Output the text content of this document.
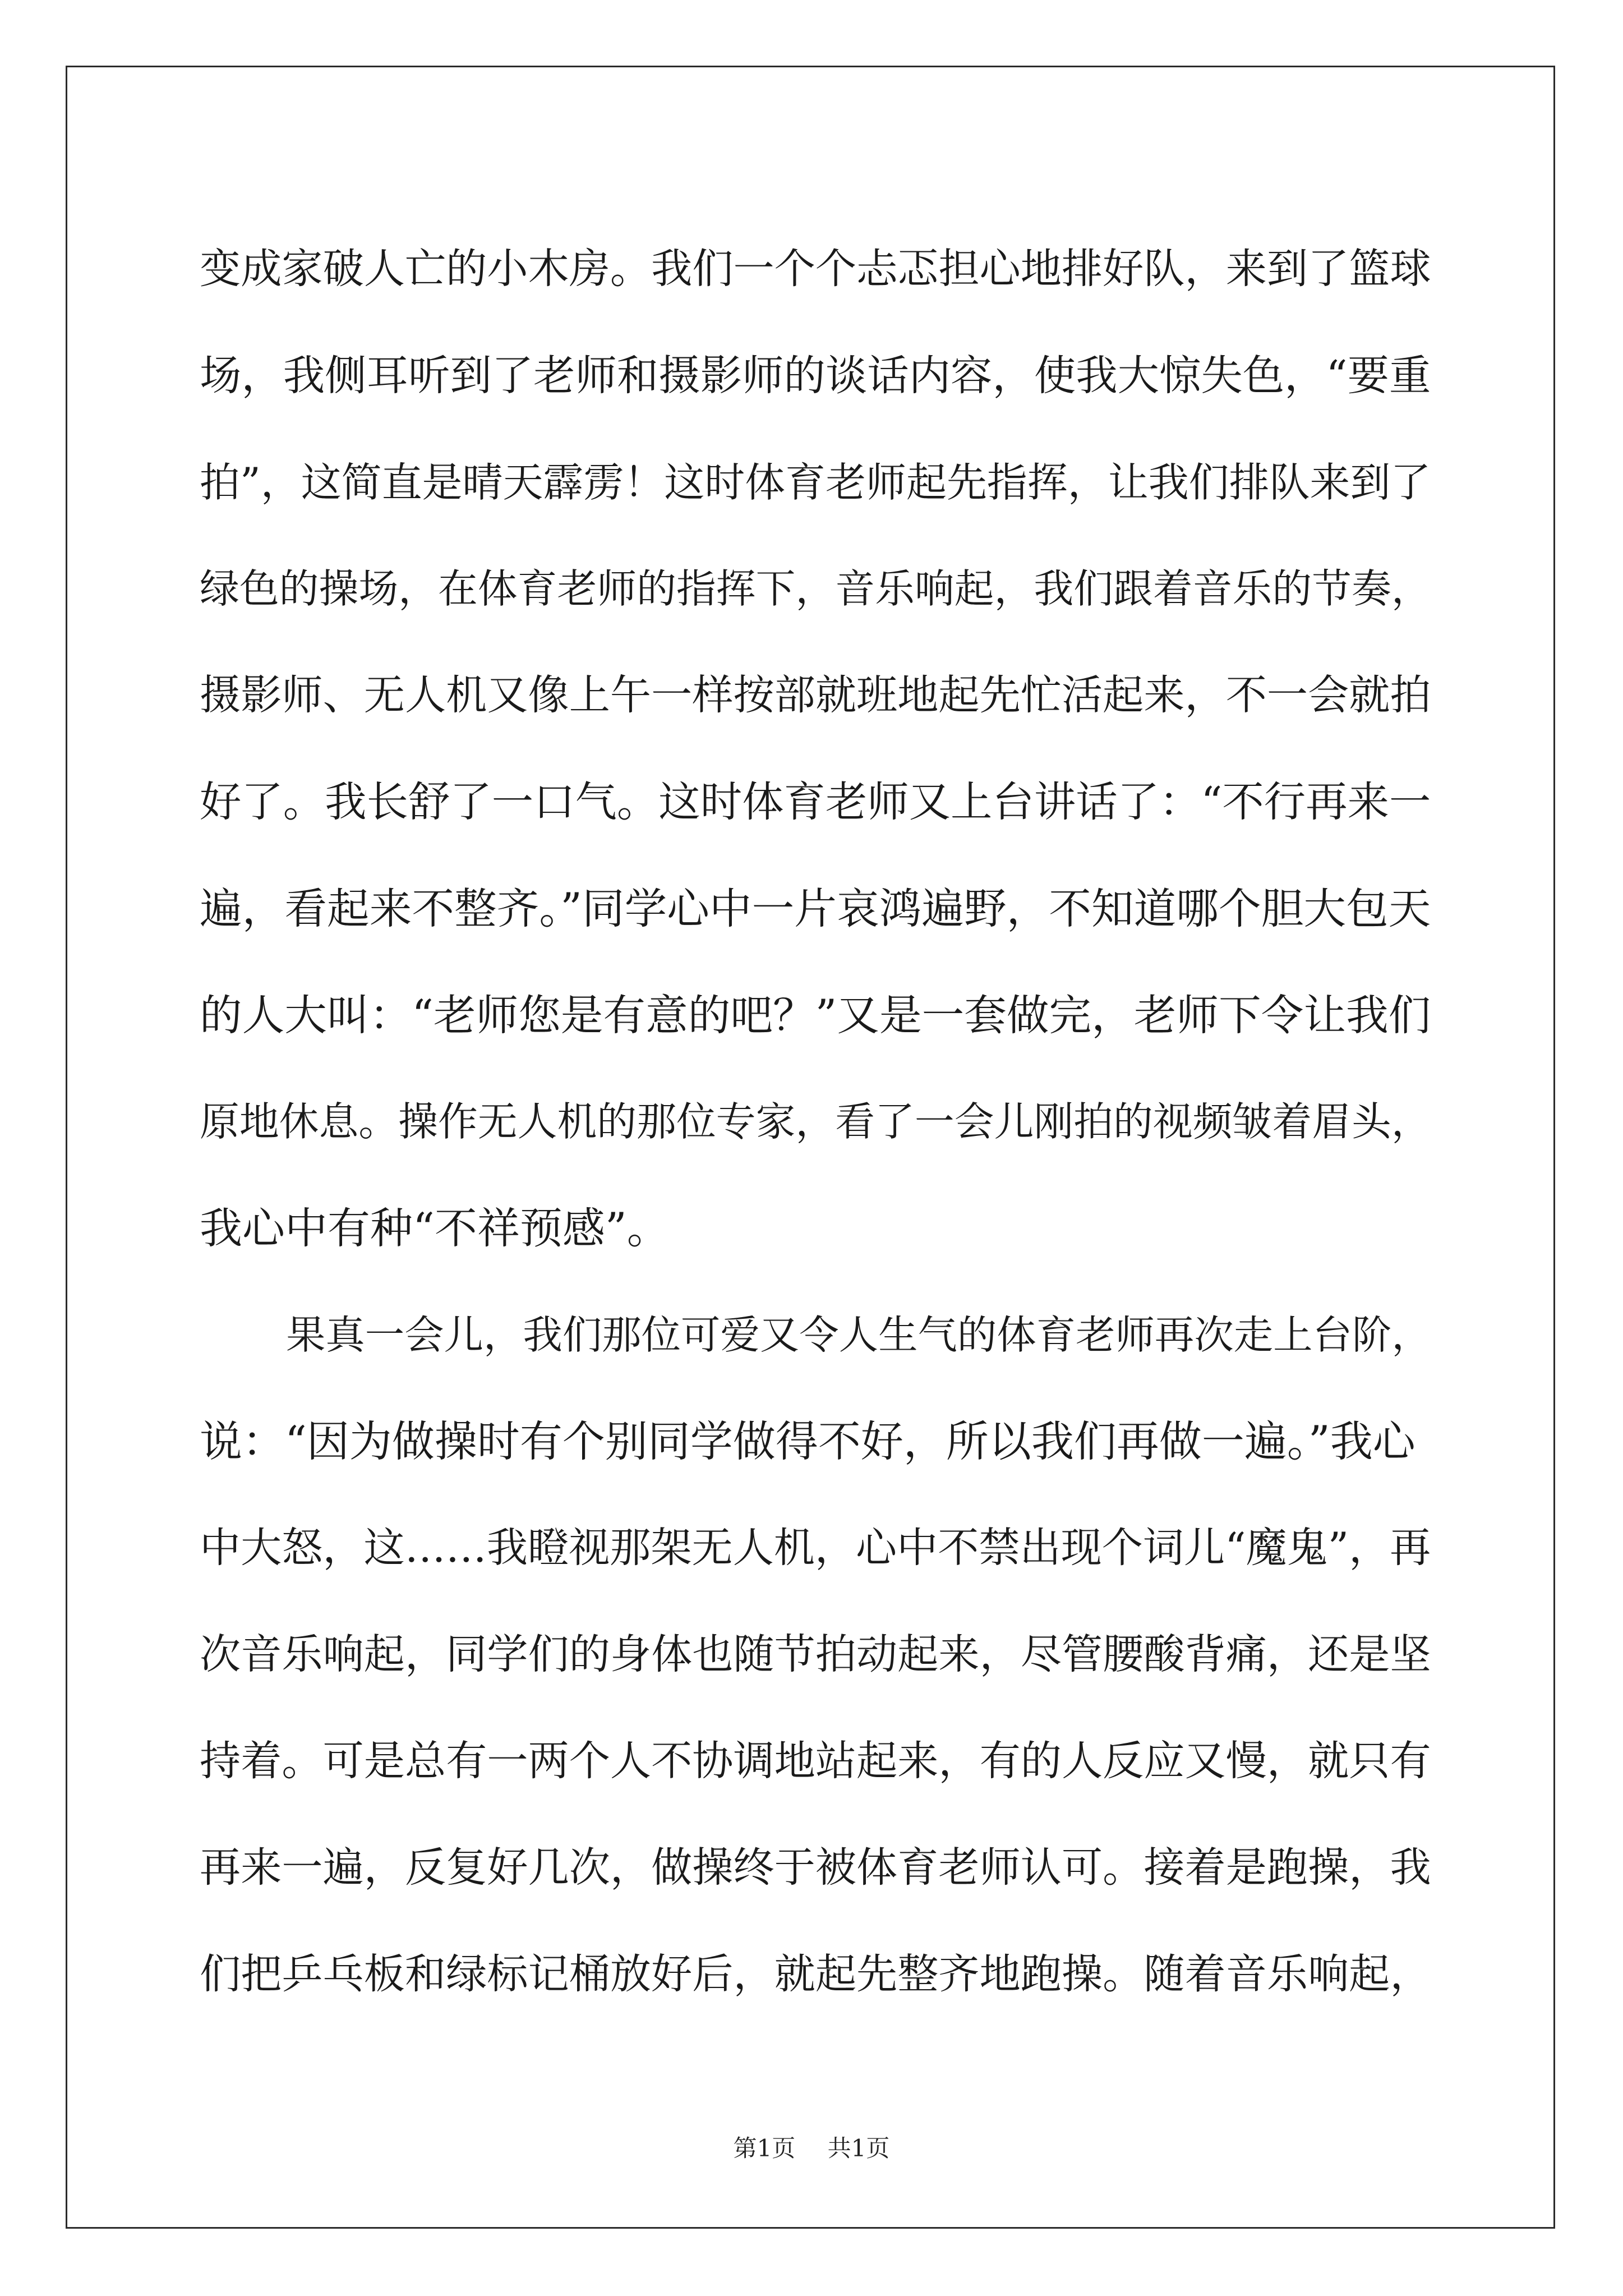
变成家破人亡的小木房。我们一个个忐忑担心地排好队，来到了篮球
场，我侧耳听到了老师和摄影师的谈话内容，使我大惊失色，“要重
拍”，这简直是晴天霹雳！这时体育老师起先指挥，让我们排队来到了
绿色的操场，在体育老师的指挥下，音乐响起，我们跟着音乐的节奏，
摄影师、无人机又像上午一样按部就班地起先忙活起来，不一会就拍
好了。我长舒了一口气。这时体育老师又上台讲话了：“不行再来一
遍，看起来不整齐。”同学心中一片哀鸿遍野，不知道哪个胆大包天
的人大叫：“老师您是有意的吧？”又是一套做完，老师下令让我们
原地休息。操作无人机的那位专家，看了一会儿刚拍的视频皱着眉头，
我心中有种“不祥预感”。
果真一会儿，我们那位可爱又令人生气的体育老师再次走上台阶，
说：“因为做操时有个别同学做得不好，所以我们再做一遍。”我心
中大怒，这……我瞪视那架无人机，心中不禁出现个词儿“魔鬼”，再
次音乐响起，同学们的身体也随节拍动起来，尽管腰酸背痛，还是坚
持着。可是总有一两个人不协调地站起来，有的人反应又慢，就只有
再来一遍，反复好几次，做操终于被体育老师认可。接着是跑操，我
们把乒乓板和绿标记桶放好后，就起先整齐地跑操。随着音乐响起，
第1页 共1页
